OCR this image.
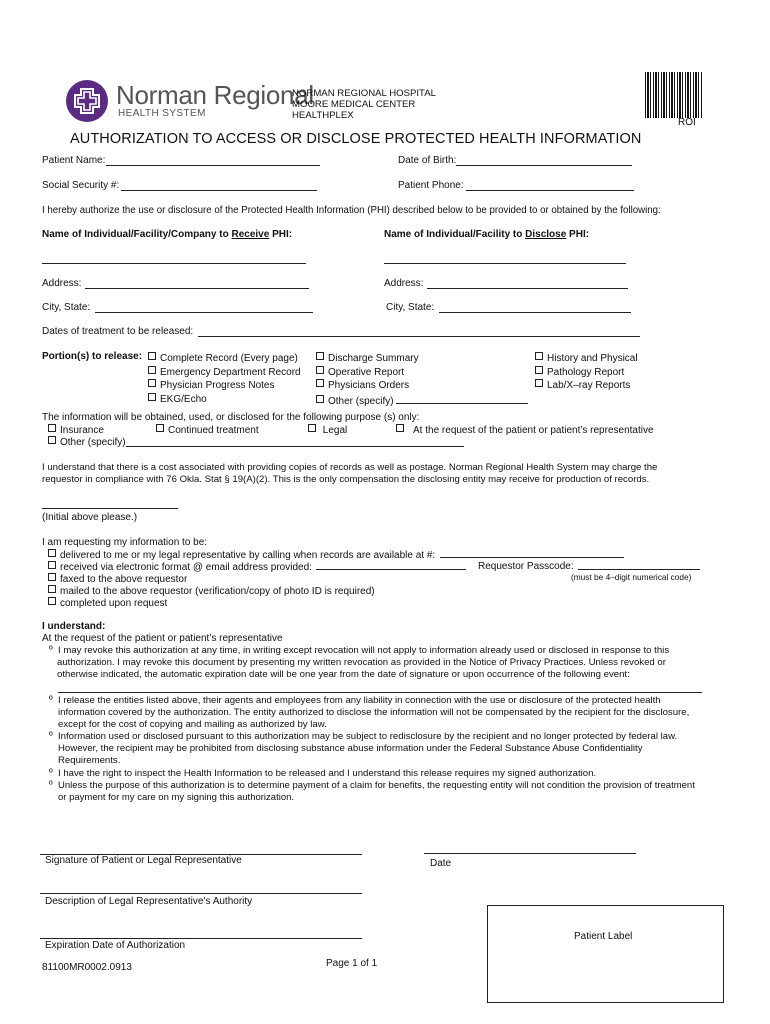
Norman Regional
HEALTH SYSTEM
NORMAN REGIONAL HOSPITAL
MOORE MEDICAL CENTER
HEALTHPLEX
ROI
AUTHORIZATION TO ACCESS OR DISCLOSE PROTECTED HEALTH INFORMATION
Patient Name:	Date of Birth:
Social Security #:	Patient Phone:
I hereby authorize the use or disclosure of the Protected Health Information (PHI) described below to be provided to or obtained by the following:
Name of Individual/Facility/Company to Receive PHI:	Name of Individual/Facility to Disclose PHI:
Address:	Address:
City, State:	City, State:
Dates of treatment to be released:
Portion(s) to release:	Complete Record (Every page)
Emergency Department Record
Physician Progress Notes
EKG/Echo
Discharge Summary
Operative Report
Physicians Orders
Other (specify)
History and Physical
Pathology Report
Lab/X–ray Reports
The information will be obtained, used, or disclosed for the following purpose (s) only:
Insurance	Continued treatment	Legal	At the request of the patient or patient’s representative
Other (specify)
I understand that there is a cost associated with providing copies of records as well as postage. Norman Regional Health System may charge the
requestor in compliance with 76 Okla. Stat § 19(A)(2). This is the only compensation the disclosing entity may receive for production of records.
(Initial above please.)
I am requesting my information to be:
delivered to me or my legal representative by calling when records are available at #:
received via electronic format @ email address provided:	Requestor Passcode:
(must be 4–digit numerical code)
faxed to the above requestor
mailed to the above requestor (verification/copy of photo ID is required)
completed upon request
I understand:
At the request of the patient or patient’s representative
º I may revoke this authorization at any time, in writing except revocation will not apply to information already used or disclosed in response to this
authorization. I may revoke this document by presenting my written revocation as provided in the Notice of Privacy Practices. Unless revoked or
otherwise indicated, the automatic expiration date will be one year from the date of signature or upon occurrence of the following event:
º I release the entities listed above, their agents and employees from any liability in connection with the use or disclosure of the protected health
information covered by the authorization. The entity authorized to disclose the information will not be compensated by the recipient for the disclosure,
except for the cost of copying and mailing as authorized by law.
º Information used or disclosed pursuant to this authorization may be subject to redisclosure by the recipient and no longer protected by federal law.
However, the recipient may be prohibited from disclosing substance abuse information under the Federal Substance Abuse Confidentiality
Requirements.
º I have the right to inspect the Health Information to be released and I understand this release requires my signed authorization.
º Unless the purpose of this authorization is to determine payment of a claim for benefits, the requesting entity will not condition the provision of treatment
or payment for my care on my signing this authorization.
Signature of Patient or Legal Representative	Date
Description of Legal Representative’s Authority
Expiration Date of Authorization
Patient Label
81100MR0002.0913	Page 1 of 1
